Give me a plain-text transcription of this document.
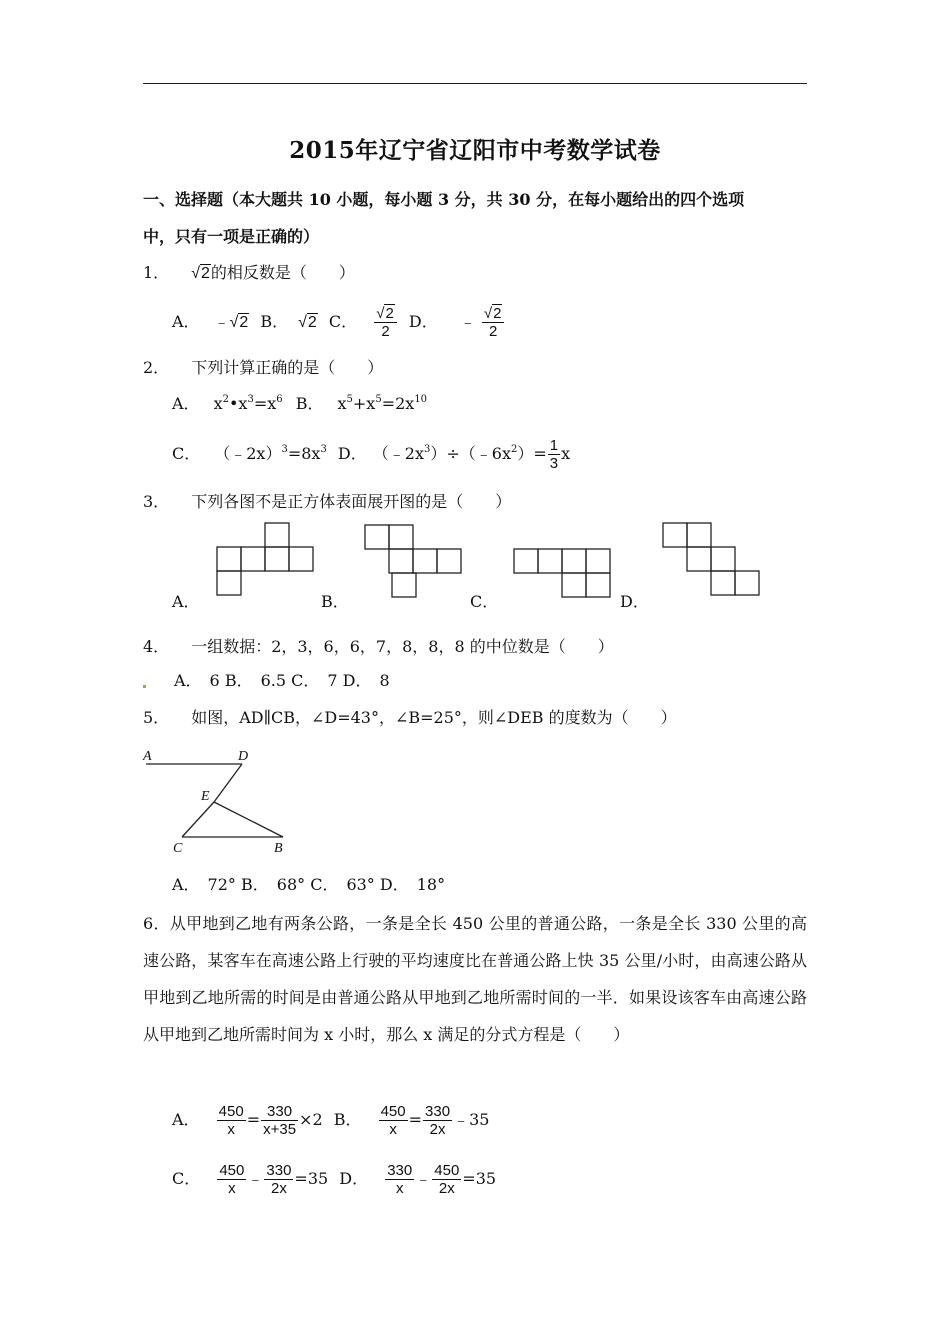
2015年辽宁省辽阳市中考数学试卷
一、选择题（本大题共 10 小题，每小题 3 分，共 30 分，在每小题给出的四个选项
中，只有一项是正确的）
1． √2的相反数是（　　）
A． ﹣√2 B． √2 C． $\frac{√2}{2}$ D． ﹣ $\frac{√2}{2}$
2． 下列计算正确的是（　　）
A． $x^2•x^3=x^6$ B． $x^5+x^5=2x^{10}$
C． $(﹣2x)^3=8x^3$ D． $(﹣2x^3)\div(﹣6x^2)= \frac{1}{3}$ x
3． 下列各图不是正方体表面展开图的是（　　）
A．	B．	C．	D．
4． 一组数据：2，3，6，6，7，8，8，8 的中位数是（　　）
A．　6 B．　6.5 C．　7 D．　8
5． 如图，AD∥CB，∠D=43°，∠B=25°，则∠DEB 的度数为（　　）
A	D
E
C	B
A．　72° B．　68° C．　63° D．　18°
6．从甲地到乙地有两条公路，一条是全长 450 公里的普通公路，一条是全长 330 公里的高速公路，某客车在高速公路上行驶的平均速度比在普通公路上快 35 公里/小时，由高速公路从甲地到乙地所需的时间是由普通公路从甲地到乙地所需时间的一半．如果设该客车由高速公路从甲地到乙地所需时间为 x 小时，那么 x 满足的分式方程是（　　）
A． $\frac{450}{x} = \frac{330}{x+35} \times 2$ B． $\frac{450}{x} = \frac{330}{2x}$ ﹣35
C． $\frac{450}{x}$ ﹣ $\frac{330}{2x} =35$ D． $\frac{330}{x}$ ﹣ $\frac{450}{2x} =35$
